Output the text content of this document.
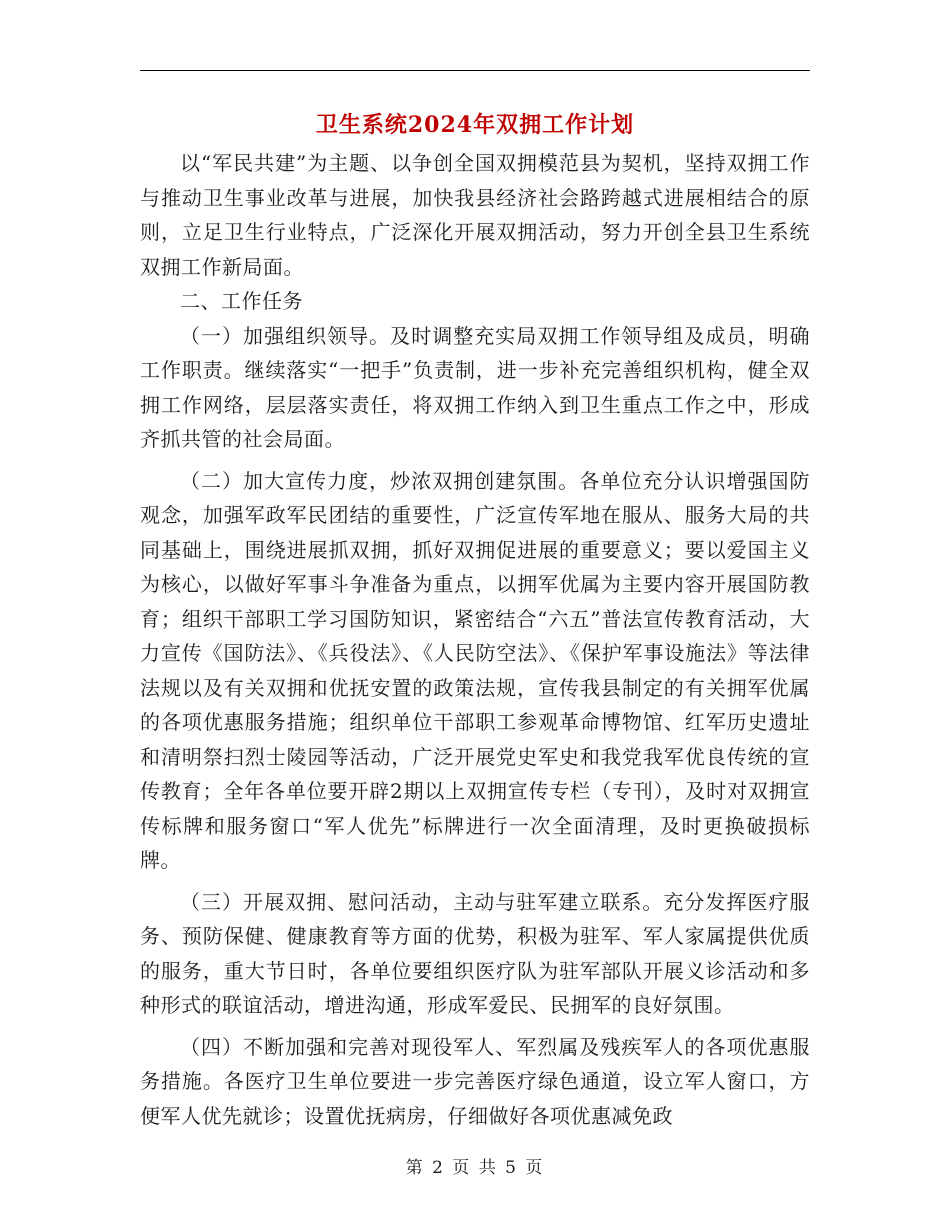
卫生系统2024年双拥工作计划

以“军民共建”为主题、以争创全国双拥模范县为契机，坚持双拥工作与推动卫生事业改革与进展，加快我县经济社会路跨越式进展相结合的原则，立足卫生行业特点，广泛深化开展双拥活动，努力开创全县卫生系统双拥工作新局面。

二、工作任务

（一）加强组织领导。及时调整充实局双拥工作领导组及成员，明确工作职责。继续落实“一把手”负责制，进一步补充完善组织机构，健全双拥工作网络，层层落实责任，将双拥工作纳入到卫生重点工作之中，形成齐抓共管的社会局面。

（二）加大宣传力度，炒浓双拥创建氛围。各单位充分认识增强国防观念，加强军政军民团结的重要性，广泛宣传军地在服从、服务大局的共同基础上，围绕进展抓双拥，抓好双拥促进展的重要意义；要以爱国主义为核心，以做好军事斗争准备为重点，以拥军优属为主要内容开展国防教育；组织干部职工学习国防知识，紧密结合“六五”普法宣传教育活动，大力宣传《国防法》、《兵役法》、《人民防空法》、《保护军事设施法》等法律法规以及有关双拥和优抚安置的政策法规，宣传我县制定的有关拥军优属的各项优惠服务措施；组织单位干部职工参观革命博物馆、红军历史遗址和清明祭扫烈士陵园等活动，广泛开展党史军史和我党我军优良传统的宣传教育；全年各单位要开辟2期以上双拥宣传专栏（专刊），及时对双拥宣传标牌和服务窗口“军人优先”标牌进行一次全面清理，及时更换破损标牌。

（三）开展双拥、慰问活动，主动与驻军建立联系。充分发挥医疗服务、预防保健、健康教育等方面的优势，积极为驻军、军人家属提供优质的服务，重大节日时，各单位要组织医疗队为驻军部队开展义诊活动和多种形式的联谊活动，增进沟通，形成军爱民、民拥军的良好氛围。

（四）不断加强和完善对现役军人、军烈属及残疾军人的各项优惠服务措施。各医疗卫生单位要进一步完善医疗绿色通道，设立军人窗口，方便军人优先就诊；设置优抚病房，仔细做好各项优惠减免政

第 2 页 共 5 页
